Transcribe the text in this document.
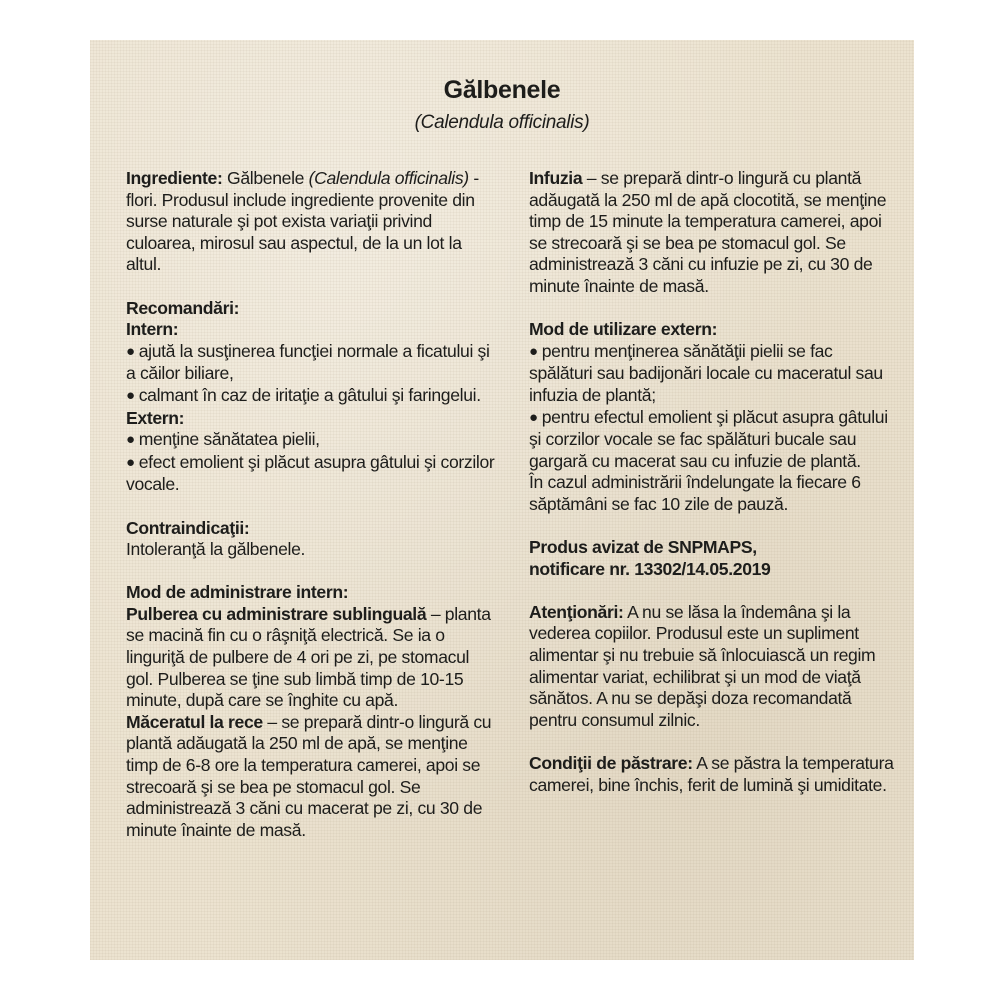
Gălbenele
(Calendula officinalis)

Ingrediente: Gălbenele (Calendula officinalis) - flori. Produsul include ingrediente provenite din surse naturale şi pot exista variaţii privind culoarea, mirosul sau aspectul, de la un lot la altul.

Recomandări:

Intern:

● ajută la susţinerea funcţiei normale a ficatului şi a căilor biliare,

● calmant în caz de iritaţie a gâtului şi faringelui.

Extern:

● menţine sănătatea pielii,

● efect emolient şi plăcut asupra gâtului şi corzilor vocale.

Contraindicaţii:

Intoleranţă la gălbenele.

Mod de administrare intern:

Pulberea cu administrare sublinguală – planta se macină fin cu o râşniţă electrică. Se ia o linguriţă de pulbere de 4 ori pe zi, pe stomacul gol. Pulberea se ţine sub limbă timp de 10-15 minute, după care se înghite cu apă.

Măceratul la rece – se prepară dintr-o lingură cu plantă adăugată la 250 ml de apă, se menţine timp de 6-8 ore la temperatura camerei, apoi se strecoară şi se bea pe stomacul gol. Se administrează 3 căni cu macerat pe zi, cu 30 de minute înainte de masă.

Infuzia – se prepară dintr-o lingură cu plantă adăugată la 250 ml de apă clocotită, se menţine timp de 15 minute la temperatura camerei, apoi se strecoară şi se bea pe stomacul gol. Se administrează 3 căni cu infuzie pe zi, cu 30 de minute înainte de masă.

Mod de utilizare extern:

● pentru menţinerea sănătăţii pielii se fac spălături sau badijonări locale cu maceratul sau infuzia de plantă;

● pentru efectul emolient şi plăcut asupra gâtului şi corzilor vocale se fac spălături bucale sau gargară cu macerat sau cu infuzie de plantă.

În cazul administrării îndelungate la fiecare 6 săptămâni se fac 10 zile de pauză.

Produs avizat de SNPMAPS,

notificare nr. 13302/14.05.2019

Atenţionări: A nu se lăsa la îndemâna şi la vederea copiilor. Produsul este un supliment alimentar şi nu trebuie să înlocuiască un regim alimentar variat, echilibrat şi un mod de viaţă sănătos. A nu se depăşi doza recomandată pentru consumul zilnic.

Condiţii de păstrare: A se păstra la temperatura camerei, bine închis, ferit de lumină şi umiditate.
